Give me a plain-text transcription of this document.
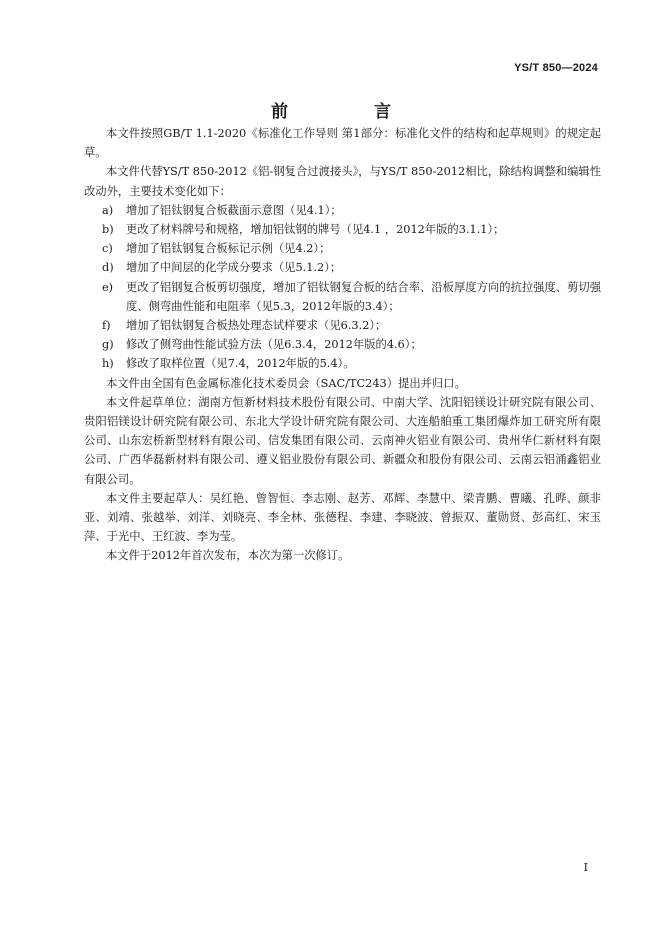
YS/T 850—2024
前 言

本文件按照GB/T 1.1-2020《标准化工作导则 第1部分：标准化文件的结构和起草规则》的规定起草。

本文件代替YS/T 850-2012《铝-钢复合过渡接头》，与YS/T 850-2012相比，除结构调整和编辑性改动外，主要技术变化如下：

a) 增加了铝钛钢复合板截面示意图（见4.1）；

b) 更改了材料牌号和规格，增加铝钛钢的牌号（见4.1 ，2012年版的3.1.1）；

c) 增加了铝钛钢复合板标记示例（见4.2）；

d) 增加了中间层的化学成分要求（见5.1.2）；

e) 更改了铝钢复合板剪切强度，增加了铝钛钢复合板的结合率、沿板厚度方向的抗拉强度、剪切强度、侧弯曲性能和电阻率（见5.3，2012年版的3.4）；

f) 增加了铝钛钢复合板热处理态试样要求（见6.3.2）；

g) 修改了侧弯曲性能试验方法（见6.3.4，2012年版的4.6）；

h) 修改了取样位置（见7.4，2012年版的5.4）。

本文件由全国有色金属标准化技术委员会（SAC/TC243）提出并归口。

本文件起草单位：湖南方恒新材料技术股份有限公司、中南大学、沈阳铝镁设计研究院有限公司、贵阳铝镁设计研究院有限公司、东北大学设计研究院有限公司、大连船舶重工集团爆炸加工研究所有限公司、山东宏桥新型材料有限公司、信发集团有限公司、云南神火铝业有限公司、贵州华仁新材料有限公司、广西华磊新材料有限公司、遵义铝业股份有限公司、新疆众和股份有限公司、云南云铝涌鑫铝业有限公司。

本文件主要起草人：吴红艳、曾智恒、李志刚、赵芳、邓辉、李慧中、梁青鹏、曹曦、孔晔、颜非亚、刘靖、张越举、刘洋、刘晓亮、李全林、张德程、李建、李晓波、曾振双、董勋贤、彭高红、宋玉萍、于光中、王红波、李为莹。

本文件于2012年首次发布，本次为第一次修订。

I
